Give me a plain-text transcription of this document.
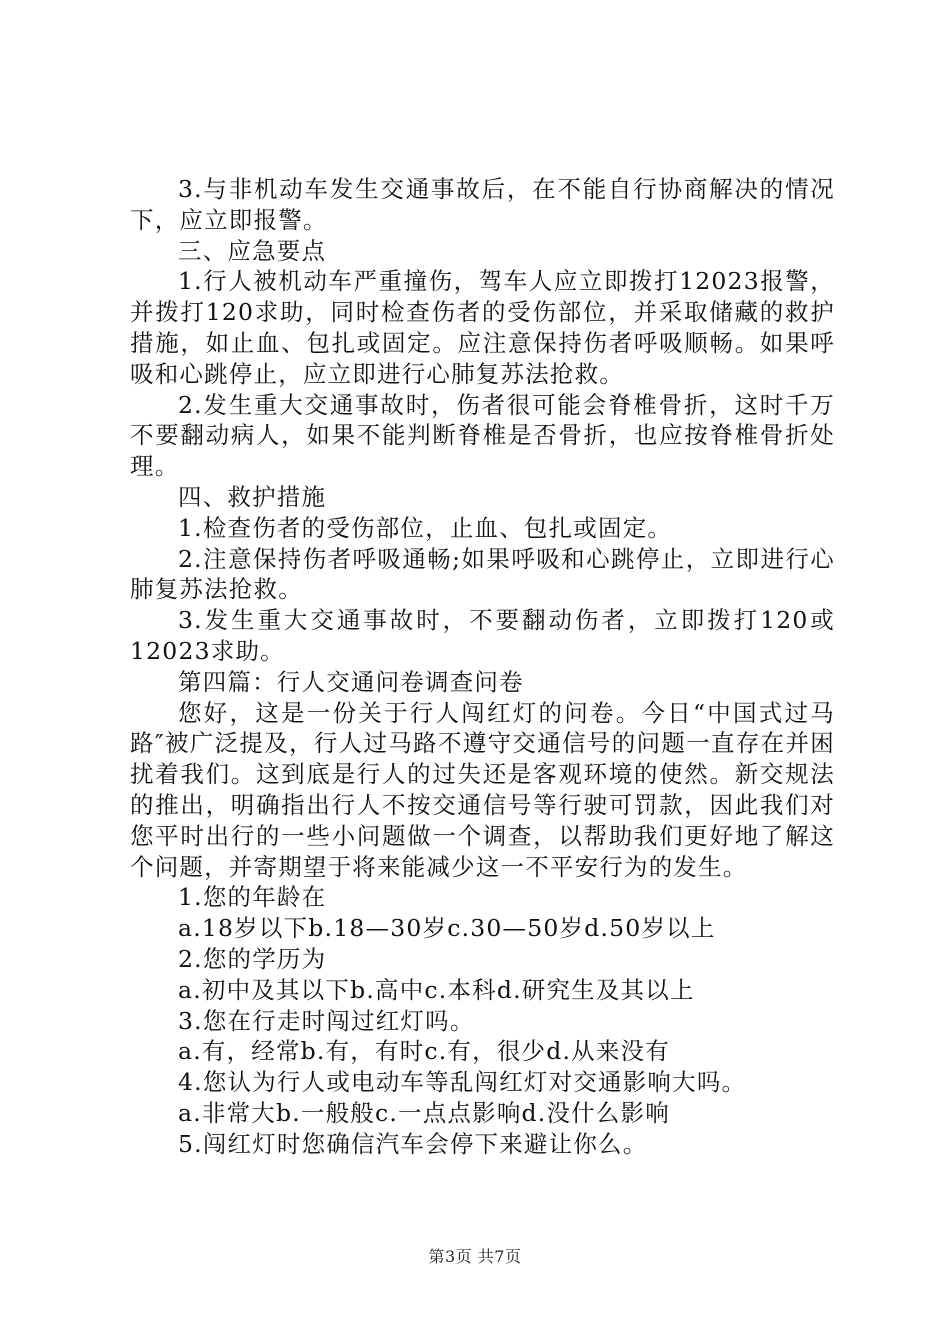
3.与非机动车发生交通事故后，在不能自行协商解决的情况下，应立即报警。

三、应急要点

1.行人被机动车严重撞伤，驾车人应立即拨打12023报警，并拨打120求助，同时检查伤者的受伤部位，并采取储藏的救护措施，如止血、包扎或固定。应注意保持伤者呼吸顺畅。如果呼吸和心跳停止，应立即进行心肺复苏法抢救。

2.发生重大交通事故时，伤者很可能会脊椎骨折，这时千万不要翻动病人，如果不能判断脊椎是否骨折，也应按脊椎骨折处理。

四、救护措施

1.检查伤者的受伤部位，止血、包扎或固定。

2.注意保持伤者呼吸通畅;如果呼吸和心跳停止，立即进行心肺复苏法抢救。

3.发生重大交通事故时，不要翻动伤者，立即拨打120或12023求助。

第四篇：行人交通问卷调查问卷

您好，这是一份关于行人闯红灯的问卷。今日“中国式过马路″被广泛提及，行人过马路不遵守交通信号的问题一直存在并困扰着我们。这到底是行人的过失还是客观环境的使然。新交规法的推出，明确指出行人不按交通信号等行驶可罚款，因此我们对您平时出行的一些小问题做一个调查，以帮助我们更好地了解这个问题，并寄期望于将来能减少这一不平安行为的发生。

1.您的年龄在

a.18岁以下b.18—30岁c.30—50岁d.50岁以上

2.您的学历为

a.初中及其以下b.高中c.本科d.研究生及其以上

3.您在行走时闯过红灯吗。

a.有，经常b.有，有时c.有，很少d.从来没有

4.您认为行人或电动车等乱闯红灯对交通影响大吗。

a.非常大b.一般般c.一点点影响d.没什么影响

5.闯红灯时您确信汽车会停下来避让你么。

第3页 共7页
